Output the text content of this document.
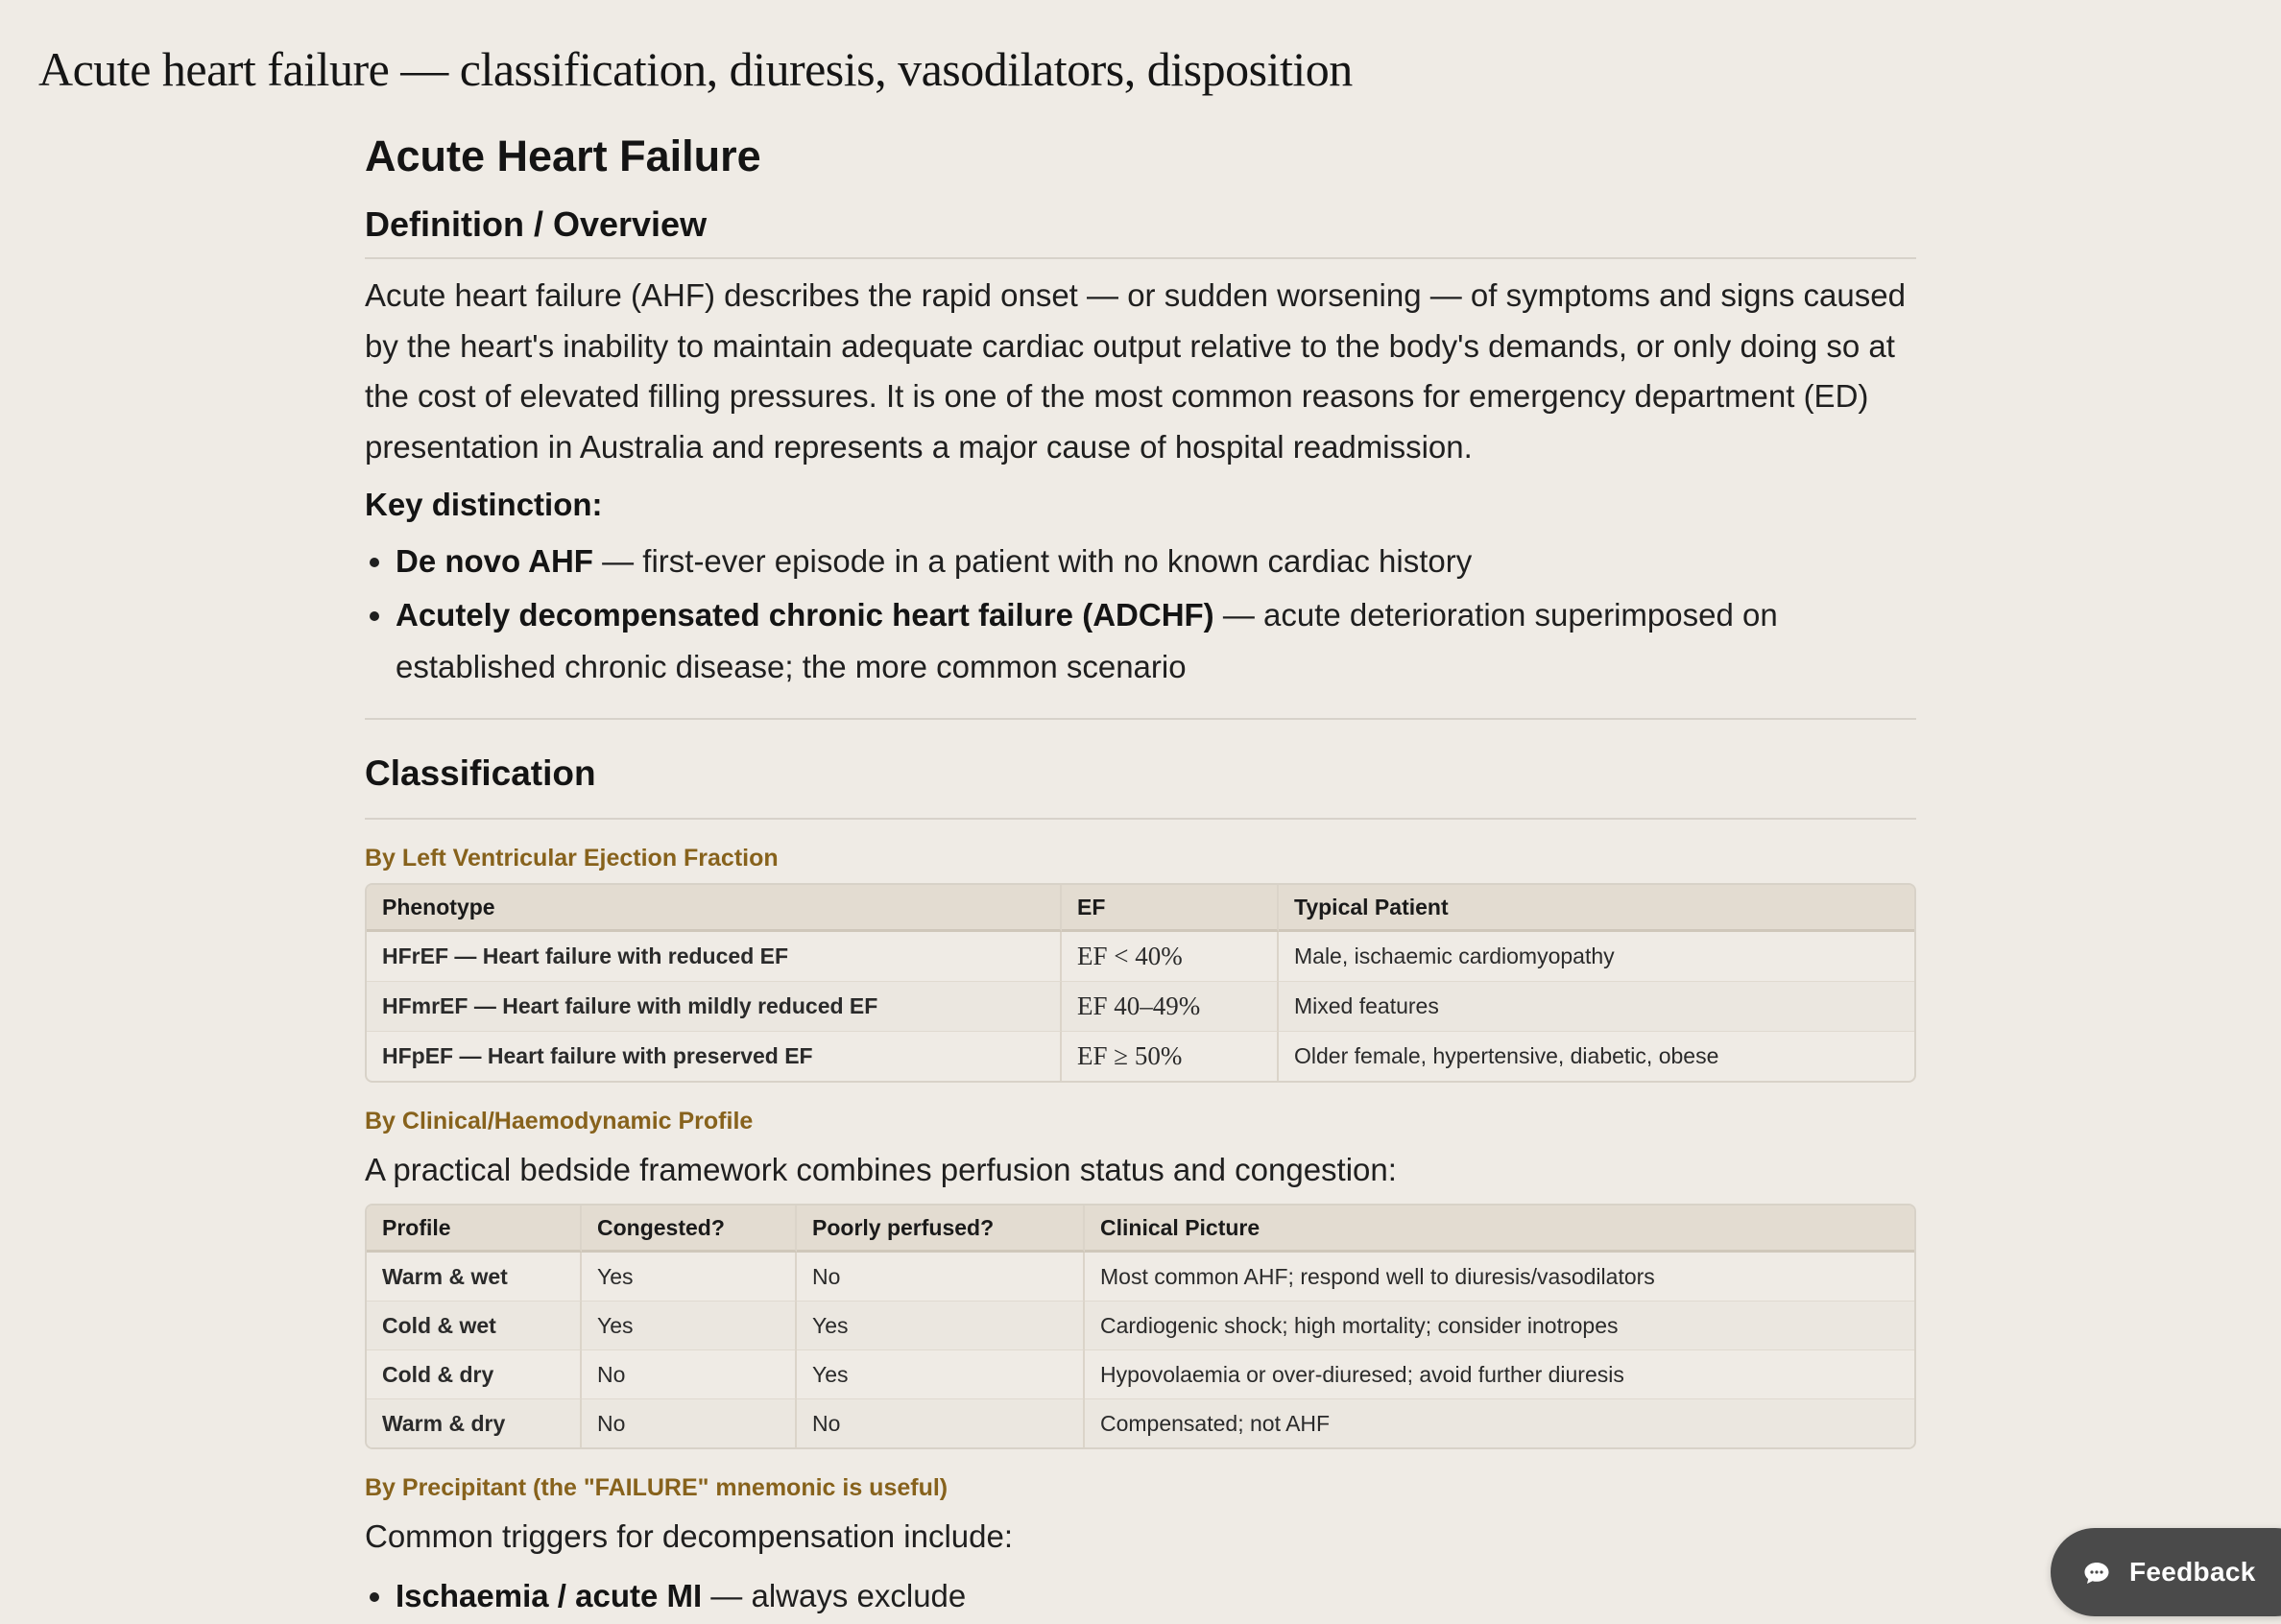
Acute heart failure — classification, diuresis, vasodilators, disposition
Acute Heart Failure
Definition / Overview

Acute heart failure (AHF) describes the rapid onset — or sudden worsening — of symptoms and signs caused by the heart's inability to maintain adequate cardiac output relative to the body's demands, or only doing so at the cost of elevated filling pressures. It is one of the most common reasons for emergency department (ED) presentation in Australia and represents a major cause of hospital readmission.

Key distinction:

• De novo AHF — first-ever episode in a patient with no known cardiac history
• Acutely decompensated chronic heart failure (ADCHF) — acute deterioration superimposed on established chronic disease; the more common scenario
Classification
By Left Ventricular Ejection Fraction
Phenotype	EF	Typical Patient
HFrEF — Heart failure with reduced EF	EF < 40%	Male, ischaemic cardiomyopathy
HFmrEF — Heart failure with mildly reduced EF	EF 40–49%	Mixed features
HFpEF — Heart failure with preserved EF	EF ≥ 50%	Older female, hypertensive, diabetic, obese
By Clinical/Haemodynamic Profile

A practical bedside framework combines perfusion status and congestion:

Profile	Congested?	Poorly perfused?	Clinical Picture
Warm & wet	Yes	No	Most common AHF; respond well to diuresis/vasodilators
Cold & wet	Yes	Yes	Cardiogenic shock; high mortality; consider inotropes
Cold & dry	No	Yes	Hypovolaemia or over-diuresed; avoid further diuresis
Warm & dry	No	No	Compensated; not AHF
By Precipitant (the "FAILURE" mnemonic is useful)

Common triggers for decompensation include:

• Ischaemia / acute MI — always exclude
Feedback
